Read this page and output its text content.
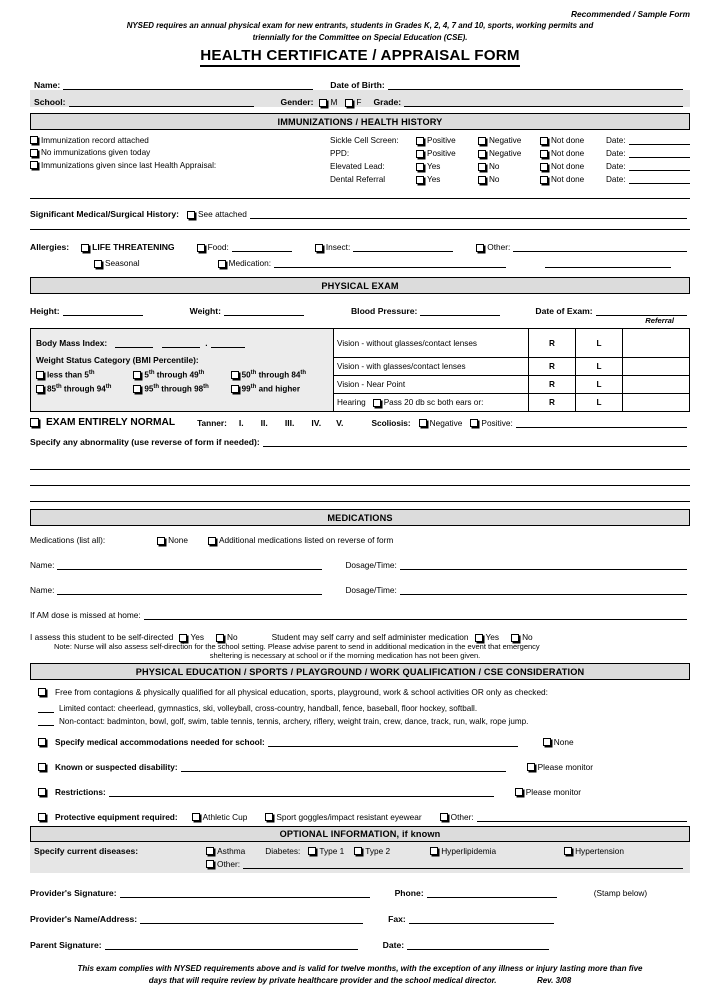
Recommended / Sample Form
NYSED requires an annual physical exam for new entrants, students in Grades K, 2, 4, 7 and 10, sports, working permits and
triennially for the Committee on Special Education (CSE).
HEALTH CERTIFICATE / APPRAISAL FORM
Name:	Date of Birth:
School:	Gender: M F Grade:
IMMUNIZATIONS / HEALTH HISTORY
Immunization record attached
No immunizations given today
Immunizations given since last Health Appraisal:
Sickle Cell Screen:	Positive	Negative	Not done	Date:
PPD:	Positive	Negative	Not done	Date:
Elevated Lead:	Yes	No	Not done	Date:
Dental Referral	Yes	No	Not done	Date:
Significant Medical/Surgical History: See attached
Allergies:	LIFE THREATENING	Food:	Insect:	Other:
Seasonal	Medication:
PHYSICAL EXAM
Height:	Weight:	Blood Pressure:	Date of Exam:
Referral
Body Mass Index:	.
Weight Status Category (BMI Percentile):
less than 5th	5th through 49th	50th through 84th
85th through 94th	95th through 98th	99th and higher
Vision - without glasses/contact lenses	R	L
Vision - with glasses/contact lenses	R	L
Vision - Near Point	R	L
Hearing Pass 20 db sc both ears or:	R	L
EXAM ENTIRELY NORMAL	Tanner: I. II. III. IV. V.	Scoliosis: Negative Positive:
Specify any abnormality (use reverse of form if needed):
MEDICATIONS
Medications (list all):	None	Additional medications listed on reverse of form
Name:	Dosage/Time:
Name:	Dosage/Time:
If AM dose is missed at home:
I assess this student to be self-directed Yes	No	Student may self carry and self administer medication Yes	No
Note: Nurse will also assess self-direction for the school setting. Please advise parent to send in additional medication in the event that emergency
sheltering is necessary at school or if the morning medication has not been given.
PHYSICAL EDUCATION / SPORTS / PLAYGROUND / WORK QUALIFICATION / CSE CONSIDERATION
Free from contagions & physically qualified for all physical education, sports, playground, work & school activities OR only as checked:
Limited contact: cheerlead, gymnastics, ski, volleyball, cross-country, handball, fence, baseball, floor hockey, softball.
Non-contact: badminton, bowl, golf, swim, table tennis, tennis, archery, riflery, weight train, crew, dance, track, run, walk, rope jump.
Specify medical accommodations needed for school:	None
Known or suspected disability:	Please monitor
Restrictions:	Please monitor
Protective equipment required:	Athletic Cup	Sport goggles/impact resistant eyewear	Other:
OPTIONAL INFORMATION, if known
Specify current diseases:	Asthma Diabetes: Type 1	Type 2	Hyperlipidemia	Hypertension
Other:
Provider's Signature:	Phone:	(Stamp below)
Provider's Name/Address:	Fax:
Parent Signature:	Date:
This exam complies with NYSED requirements above and is valid for twelve months, with the exception of any illness or injury lasting more than five
days that will require review by private healthcare provider and the school medical director.	Rev. 3/08
